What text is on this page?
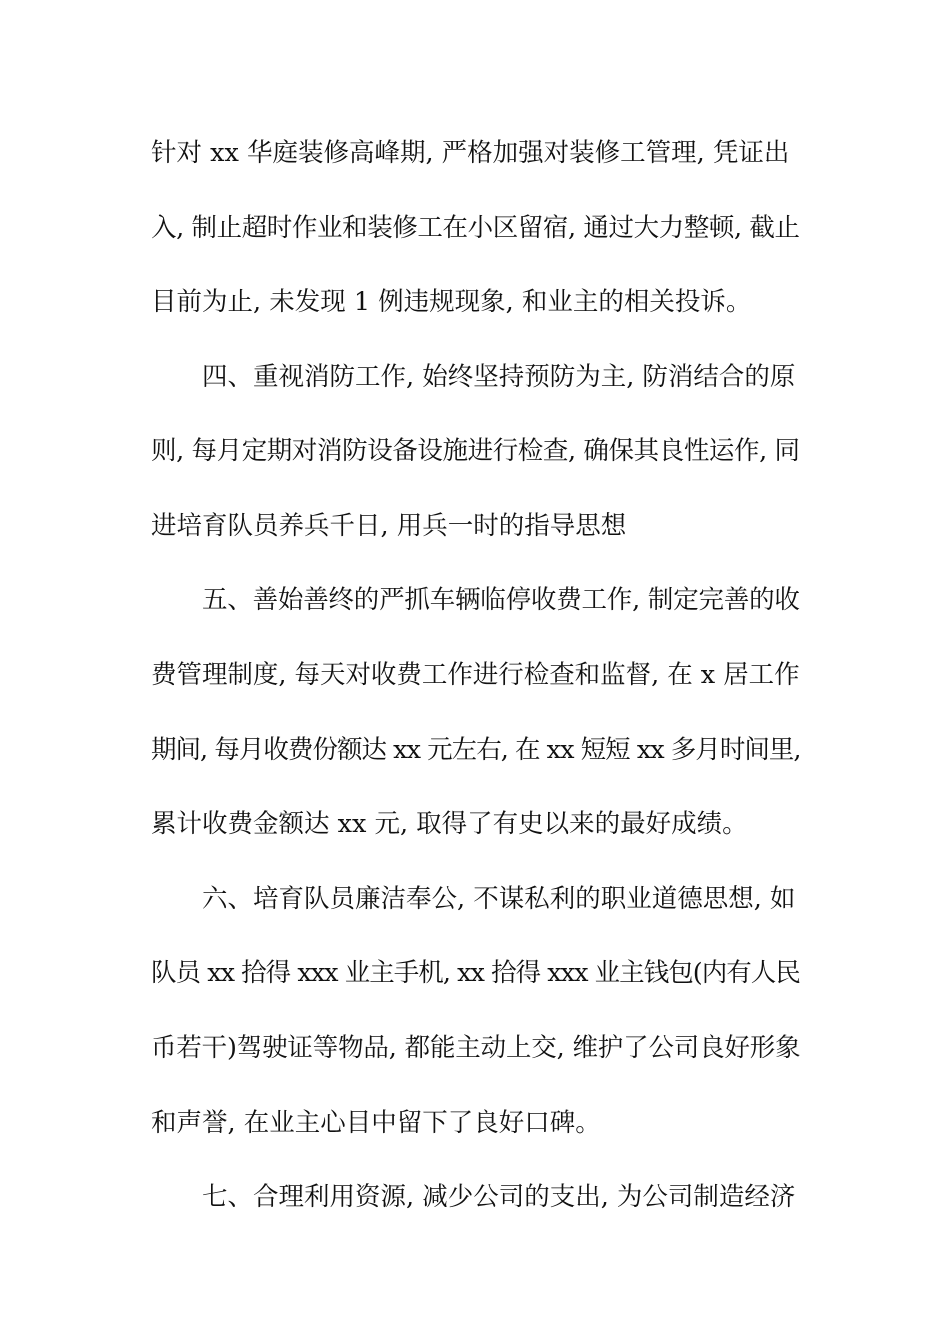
针对 xx 华庭装修高峰期, 严格加强对装修工管理, 凭证出
入, 制止超时作业和装修工在小区留宿, 通过大力整顿, 截止
目前为止, 未发现 1 例违规现象, 和业主的相关投诉。
四、重视消防工作, 始终坚持预防为主, 防消结合的原
则, 每月定期对消防设备设施进行检查, 确保其良性运作, 同
进培育队员养兵千日, 用兵一时的指导思想
五、善始善终的严抓车辆临停收费工作, 制定完善的收
费管理制度, 每天对收费工作进行检查和监督, 在 x 居工作
期间, 每月收费份额达 xx 元左右, 在 xx 短短 xx 多月时间里,
累计收费金额达 xx 元, 取得了有史以来的最好成绩。
六、培育队员廉洁奉公, 不谋私利的职业道德思想, 如
队员 xx 拾得 xxx 业主手机, xx 拾得 xxx 业主钱包(内有人民
币若干)驾驶证等物品, 都能主动上交, 维护了公司良好形象
和声誉, 在业主心目中留下了良好口碑。
七、合理利用资源, 减少公司的支出, 为公司制造经济
